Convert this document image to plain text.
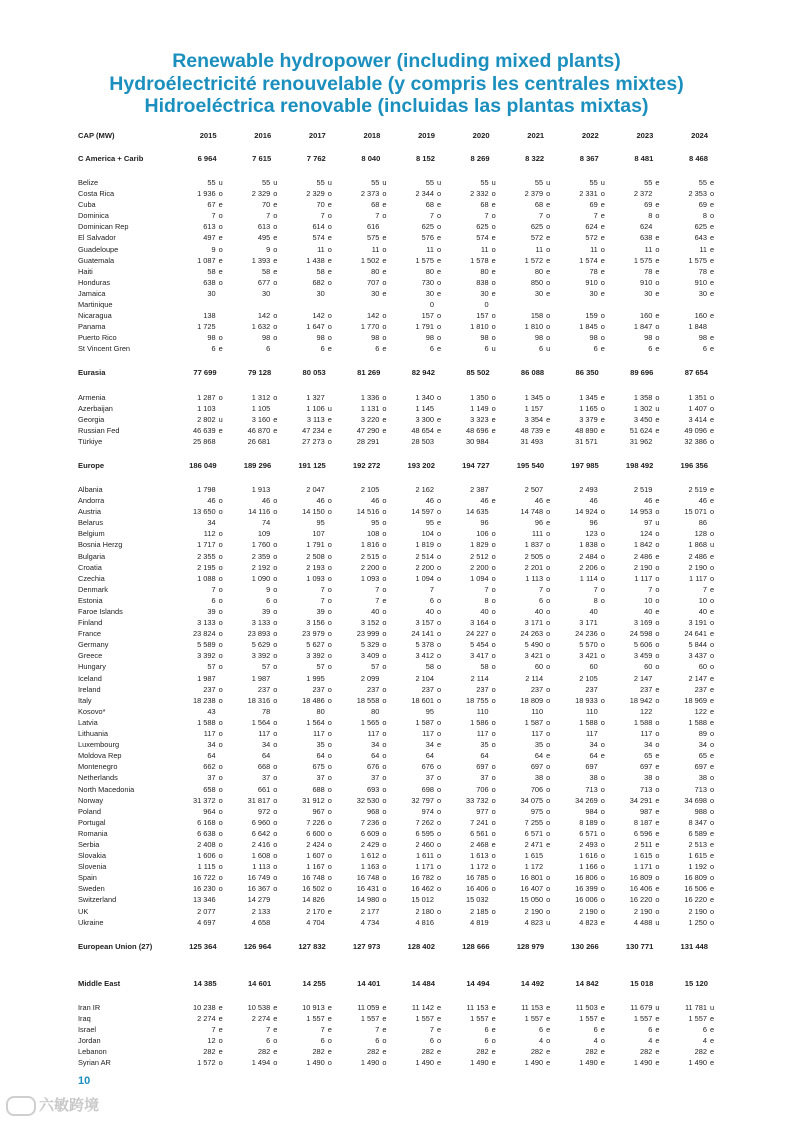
Renewable hydropower (including mixed plants)
Hydroélectricité renouvelable (y compris les centrales mixtes)
Hidroeléctrica renovable (incluidas las plantas mixtas)
CAP (MW)	2015	2016	2017	2018	2019	2020	2021	2022	2023	2024

C America + Carib	6 964	7 615	7 762	8 040	8 152	8 269	8 322	8 367	8 481	8 468

Belize	55 u	55 u	55 u	55 u	55 u	55 u	55 u	55 u	55 e	55 e
Costa Rica	1 936 o	2 329 o	2 329 o	2 373 o	2 344 o	2 332 o	2 379 o	2 331 o	2 372	2 353 o
Cuba	67 e	70 e	70 e	68 e	68 e	68 e	68 e	69 e	69 e	69 e
Dominica	7 o	7 o	7 o	7 o	7 o	7 o	7 o	7 e	8 o	8 o
Dominican Rep	613 o	613 o	614 o	616	625 o	625 o	625 o	624 e	624	625 e
El Salvador	497 e	495 e	574 e	575 e	576 e	574 e	572 e	572 e	638 e	643 e
Guadeloupe	9 o	9 o	11 o	11 o	11 o	11 o	11 o	11 o	11 o	11 e
Guatemala	1 087 e	1 393 e	1 438 e	1 502 e	1 575 e	1 578 e	1 572 e	1 574 e	1 575 e	1 575 e
Haiti	58 e	58 e	58 e	80 e	80 e	80 e	80 e	78 e	78 e	78 e
Honduras	638 o	677 o	682 o	707 o	730 o	838 o	850 o	910 o	910 o	910 e
Jamaica	30	30	30	30 e	30 e	30 e	30 e	30 e	30 e	30 e
Martinique					0	0				
Nicaragua	138	142 o	142 o	142 o	157 o	157 o	158 o	159 o	160 e	160 e
Panama	1 725	1 632 o	1 647 o	1 770 o	1 791 o	1 810 o	1 810 o	1 845 o	1 847 o	1 848
Puerto Rico	98 o	98 o	98 o	98 o	98 o	98 o	98 o	98 o	98 o	98 e
St Vincent Gren	6 e	6	6 e	6 e	6 e	6 u	6 u	6 e	6 e	6 e

Eurasia	77 699	79 128	80 053	81 269	82 942	85 502	86 088	86 350	89 696	87 654

Armenia	1 287 o	1 312 o	1 327	1 336 o	1 340 o	1 350 o	1 345 o	1 345 e	1 358 o	1 351 o
Azerbaijan	1 103	1 105	1 106 u	1 131 o	1 145	1 149 o	1 157	1 165 o	1 302 u	1 407 o
Georgia	2 802 u	3 160 e	3 113 e	3 220 e	3 300 e	3 323 e	3 354 e	3 379 e	3 450 e	3 414 e
Russian Fed	46 639 e	46 870 e	47 234 e	47 290 e	48 654 e	48 696 e	48 739 e	48 890 e	51 624 e	49 096 e
Türkiye	25 868	26 681	27 273 o	28 291	28 503	30 984	31 493	31 571	31 962	32 386 o

Europe	186 049	189 296	191 125	192 272	193 202	194 727	195 540	197 985	198 492	196 356

Albania	1 798	1 913	2 047	2 105	2 162	2 387	2 507	2 493	2 519	2 519 e
Andorra	46 o	46 o	46 o	46 o	46 o	46 e	46 e	46	46 e	46 e
Austria	13 650 o	14 116 o	14 150 o	14 516 o	14 597 o	14 635	14 748 o	14 924 o	14 953 o	15 071 o
Belarus	34	74	95	95 o	95 e	96	96 e	96	97 u	86
Belgium	112 o	109	107	108 o	104 o	106 o	111 o	123 o	124 o	128 o
Bosnia Herzg	1 717 o	1 760 o	1 791 o	1 816 o	1 819 o	1 829 o	1 837 o	1 838 o	1 842 o	1 868 u
Bulgaria	2 355 o	2 359 o	2 508 o	2 515 o	2 514 o	2 512 o	2 505 o	2 484 o	2 486 e	2 486 e
Croatia	2 195 o	2 192 o	2 193 o	2 200 o	2 200 o	2 200 o	2 201 o	2 206 o	2 190 o	2 190 o
Czechia	1 088 o	1 090 o	1 093 o	1 093 o	1 094 o	1 094 o	1 113 o	1 114 o	1 117 o	1 117 o
Denmark	7 o	9 o	7 o	7 o	7	7 o	7 o	7 o	7 o	7 e
Estonia	6 o	6 o	7 o	7 e	6 o	8 o	6 o	8 o	10 o	10 o
Faroe Islands	39 o	39 o	39 o	40 o	40 o	40 o	40 o	40	40 e	40 e
Finland	3 133 o	3 133 o	3 156 o	3 152 o	3 157 o	3 164 o	3 171 o	3 171	3 169 o	3 191 o
France	23 824 o	23 893 o	23 979 o	23 999 o	24 141 o	24 227 o	24 263 o	24 236 o	24 598 o	24 641 e
Germany	5 589 o	5 629 o	5 627 o	5 329 o	5 378 o	5 454 o	5 490 o	5 570 o	5 606 o	5 844 o
Greece	3 392 o	3 392 o	3 392 o	3 409 o	3 412 o	3 417 o	3 421 o	3 421 o	3 459 o	3 437 o
Hungary	57 o	57 o	57 o	57 o	58 o	58 o	60 o	60	60 o	60 o
Iceland	1 987	1 987	1 995	2 099	2 104	2 114	2 114	2 105	2 147	2 147 e
Ireland	237 o	237 o	237 o	237 o	237 o	237 o	237 o	237	237 e	237 e
Italy	18 238 o	18 316 o	18 486 o	18 558 o	18 601 o	18 755 o	18 809 o	18 933 o	18 942 o	18 969 e
Kosovo*	43	78	80	80	95	110	110	110	122	122 e
Latvia	1 588 o	1 564 o	1 564 o	1 565 o	1 587 o	1 586 o	1 587 o	1 588 o	1 588 o	1 588 e
Lithuania	117 o	117 o	117 o	117 o	117 o	117 o	117 o	117	117 o	89 o
Luxembourg	34 o	34 o	35 o	34 o	34 e	35 o	35 o	34 o	34 o	34 o
Moldova Rep	64	64	64 o	64 o	64	64	64 e	64 e	65 e	65 e
Montenegro	662 o	668 o	675 o	676 o	676 o	697 o	697 o	697	697 e	697 e
Netherlands	37 o	37 o	37 o	37 o	37 o	37 o	38 o	38 o	38 o	38 o
North Macedonia	658 o	661 o	688 o	693 o	698 o	706 o	706 o	713 o	713 o	713 o
Norway	31 372 o	31 817 o	31 912 o	32 530 o	32 797 o	33 732 o	34 075 o	34 269 o	34 291 e	34 698 o
Poland	964 o	972 o	967 o	968 o	974 o	977 o	975 o	984 o	987 e	988 o
Portugal	6 168 o	6 960 o	7 226 o	7 236 o	7 262 o	7 241 o	7 255 o	8 189 o	8 187 e	8 347 o
Romania	6 638 o	6 642 o	6 600 o	6 609 o	6 595 o	6 561 o	6 571 o	6 571 o	6 596 e	6 589 e
Serbia	2 408 o	2 416 o	2 424 o	2 429 o	2 460 o	2 468 e	2 471 e	2 493 o	2 511 e	2 513 e
Slovakia	1 606 o	1 608 o	1 607 o	1 612 o	1 611 o	1 613 o	1 615	1 616 o	1 615 o	1 615 e
Slovenia	1 115 o	1 113 o	1 167 o	1 163 o	1 171 o	1 172 o	1 172	1 166 o	1 171 o	1 192 o
Spain	16 722 o	16 749 o	16 748 o	16 748 o	16 782 o	16 785 o	16 801 o	16 806 o	16 809 o	16 809 o
Sweden	16 230 o	16 367 o	16 502 o	16 431 o	16 462 o	16 406 o	16 407 o	16 399 o	16 406 e	16 506 e
Switzerland	13 346	14 279	14 826	14 980 o	15 012	15 032	15 050 o	16 006 o	16 220 o	16 220 e
UK	2 077	2 133	2 170 e	2 177	2 180 o	2 185 o	2 190 o	2 190 o	2 190 o	2 190 o
Ukraine	4 697	4 658	4 704	4 734	4 816	4 819	4 823 u	4 823 e	4 488 u	1 250 o

European Union (27)	125 364	126 964	127 832	127 973	128 402	128 666	128 979	130 266	130 771	131 448

Middle East	14 385	14 601	14 255	14 401	14 484	14 494	14 492	14 842	15 018	15 120

Iran IR	10 238 e	10 538 e	10 913 e	11 059 e	11 142 e	11 153 e	11 153 e	11 503 e	11 679 u	11 781 u
Iraq	2 274 e	2 274 e	1 557 e	1 557 e	1 557 e	1 557 e	1 557 e	1 557 e	1 557 e	1 557 e
Israel	7 e	7 e	7 e	7 e	7 e	6 e	6 e	6 e	6 e	6 e
Jordan	12 o	6 o	6 o	6 o	6 o	6 o	4 o	4 o	4 e	4 e
Lebanon	282 e	282 e	282 e	282 e	282 e	282 e	282 e	282 e	282 e	282 e
Syrian AR	1 572 o	1 494 o	1 490 o	1 490 o	1 490 e	1 490 e	1 490 e	1 490 e	1 490 e	1 490 e
10
六敏跨境
